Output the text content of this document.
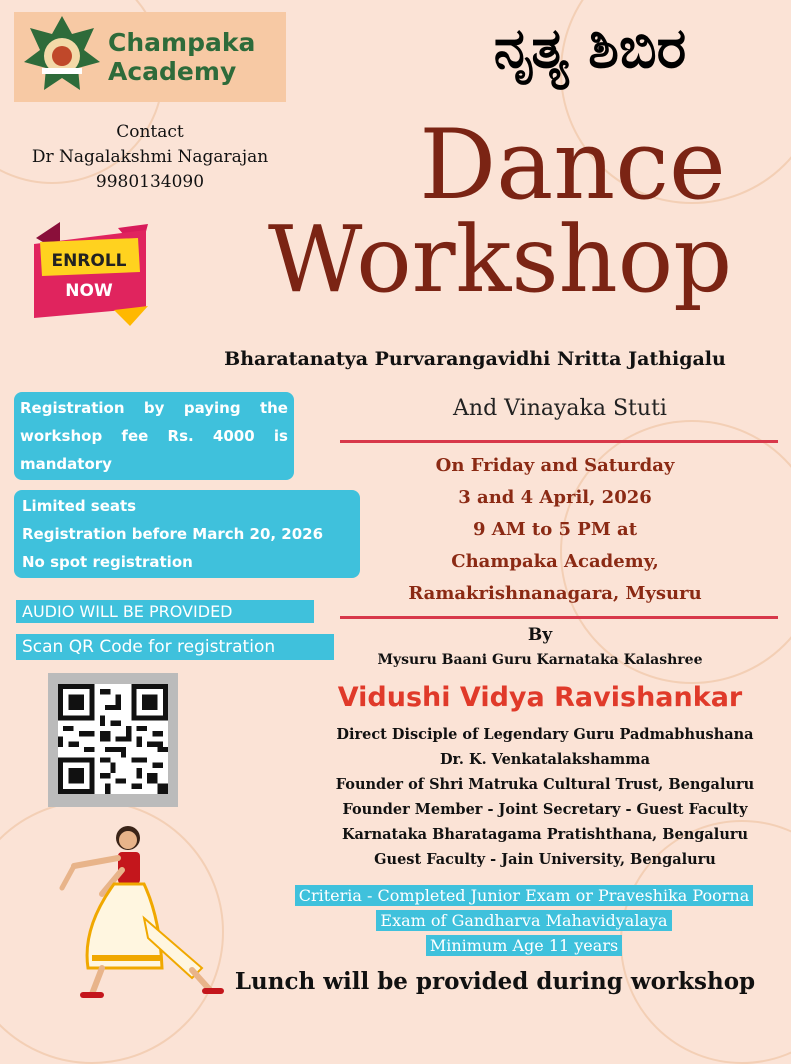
Champaka
Academy
Contact
Dr Nagalakshmi Nagarajan
9980134090
ನೃತ್ಯ ಶಿಬಿರ
Dance
Workshop
ENROLL
NOW
Bharatanatya Purvarangavidhi Nritta Jathigalu
And Vinayaka Stuti
Registration by paying the workshop fee Rs. 4000 is mandatory
Limited seats
Registration before March 20, 2026
No spot registration
AUDIO WILL BE PROVIDED
Scan QR Code for registration
On Friday and Saturday
3 and 4 April, 2026
9 AM to 5 PM at
Champaka Academy,
Ramakrishnanagara, Mysuru
By
Mysuru Baani Guru Karnataka Kalashree
Vidushi Vidya Ravishankar
Direct Disciple of Legendary Guru Padmabhushana
Dr. K. Venkatalakshamma
Founder of Shri Matruka Cultural Trust, Bengaluru
Founder Member - Joint Secretary - Guest Faculty
Karnataka Bharatagama Pratishthana, Bengaluru
Guest Faculty - Jain University, Bengaluru
Criteria - Completed Junior Exam or Praveshika Poorna
Exam of Gandharva Mahavidyalaya
Minimum Age 11 years
Lunch will be provided during workshop
